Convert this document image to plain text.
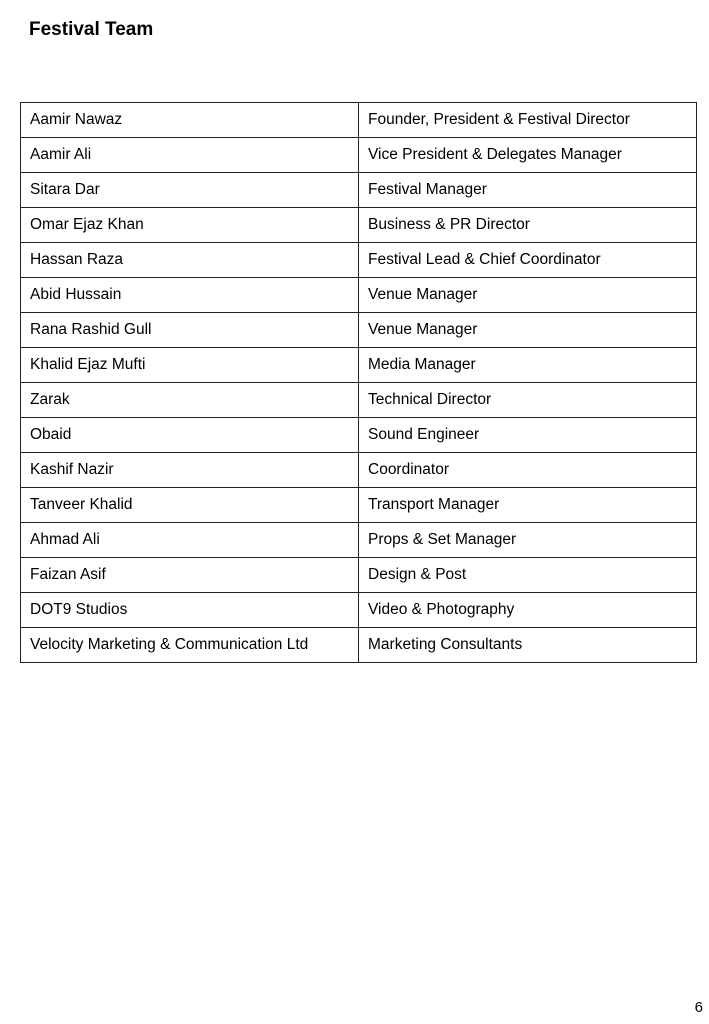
Festival Team
Aamir Nawaz	Founder, President & Festival Director
Aamir Ali	Vice President & Delegates Manager
Sitara Dar	Festival Manager
Omar Ejaz Khan	Business & PR Director
Hassan Raza	Festival Lead & Chief Coordinator
Abid Hussain	Venue Manager
Rana Rashid Gull	Venue Manager
Khalid Ejaz Mufti	Media Manager
Zarak	Technical Director
Obaid	Sound Engineer
Kashif Nazir	Coordinator
Tanveer Khalid	Transport Manager
Ahmad Ali	Props & Set Manager
Faizan Asif	Design & Post
DOT9 Studios	Video & Photography
Velocity Marketing & Communication Ltd	Marketing Consultants
6
